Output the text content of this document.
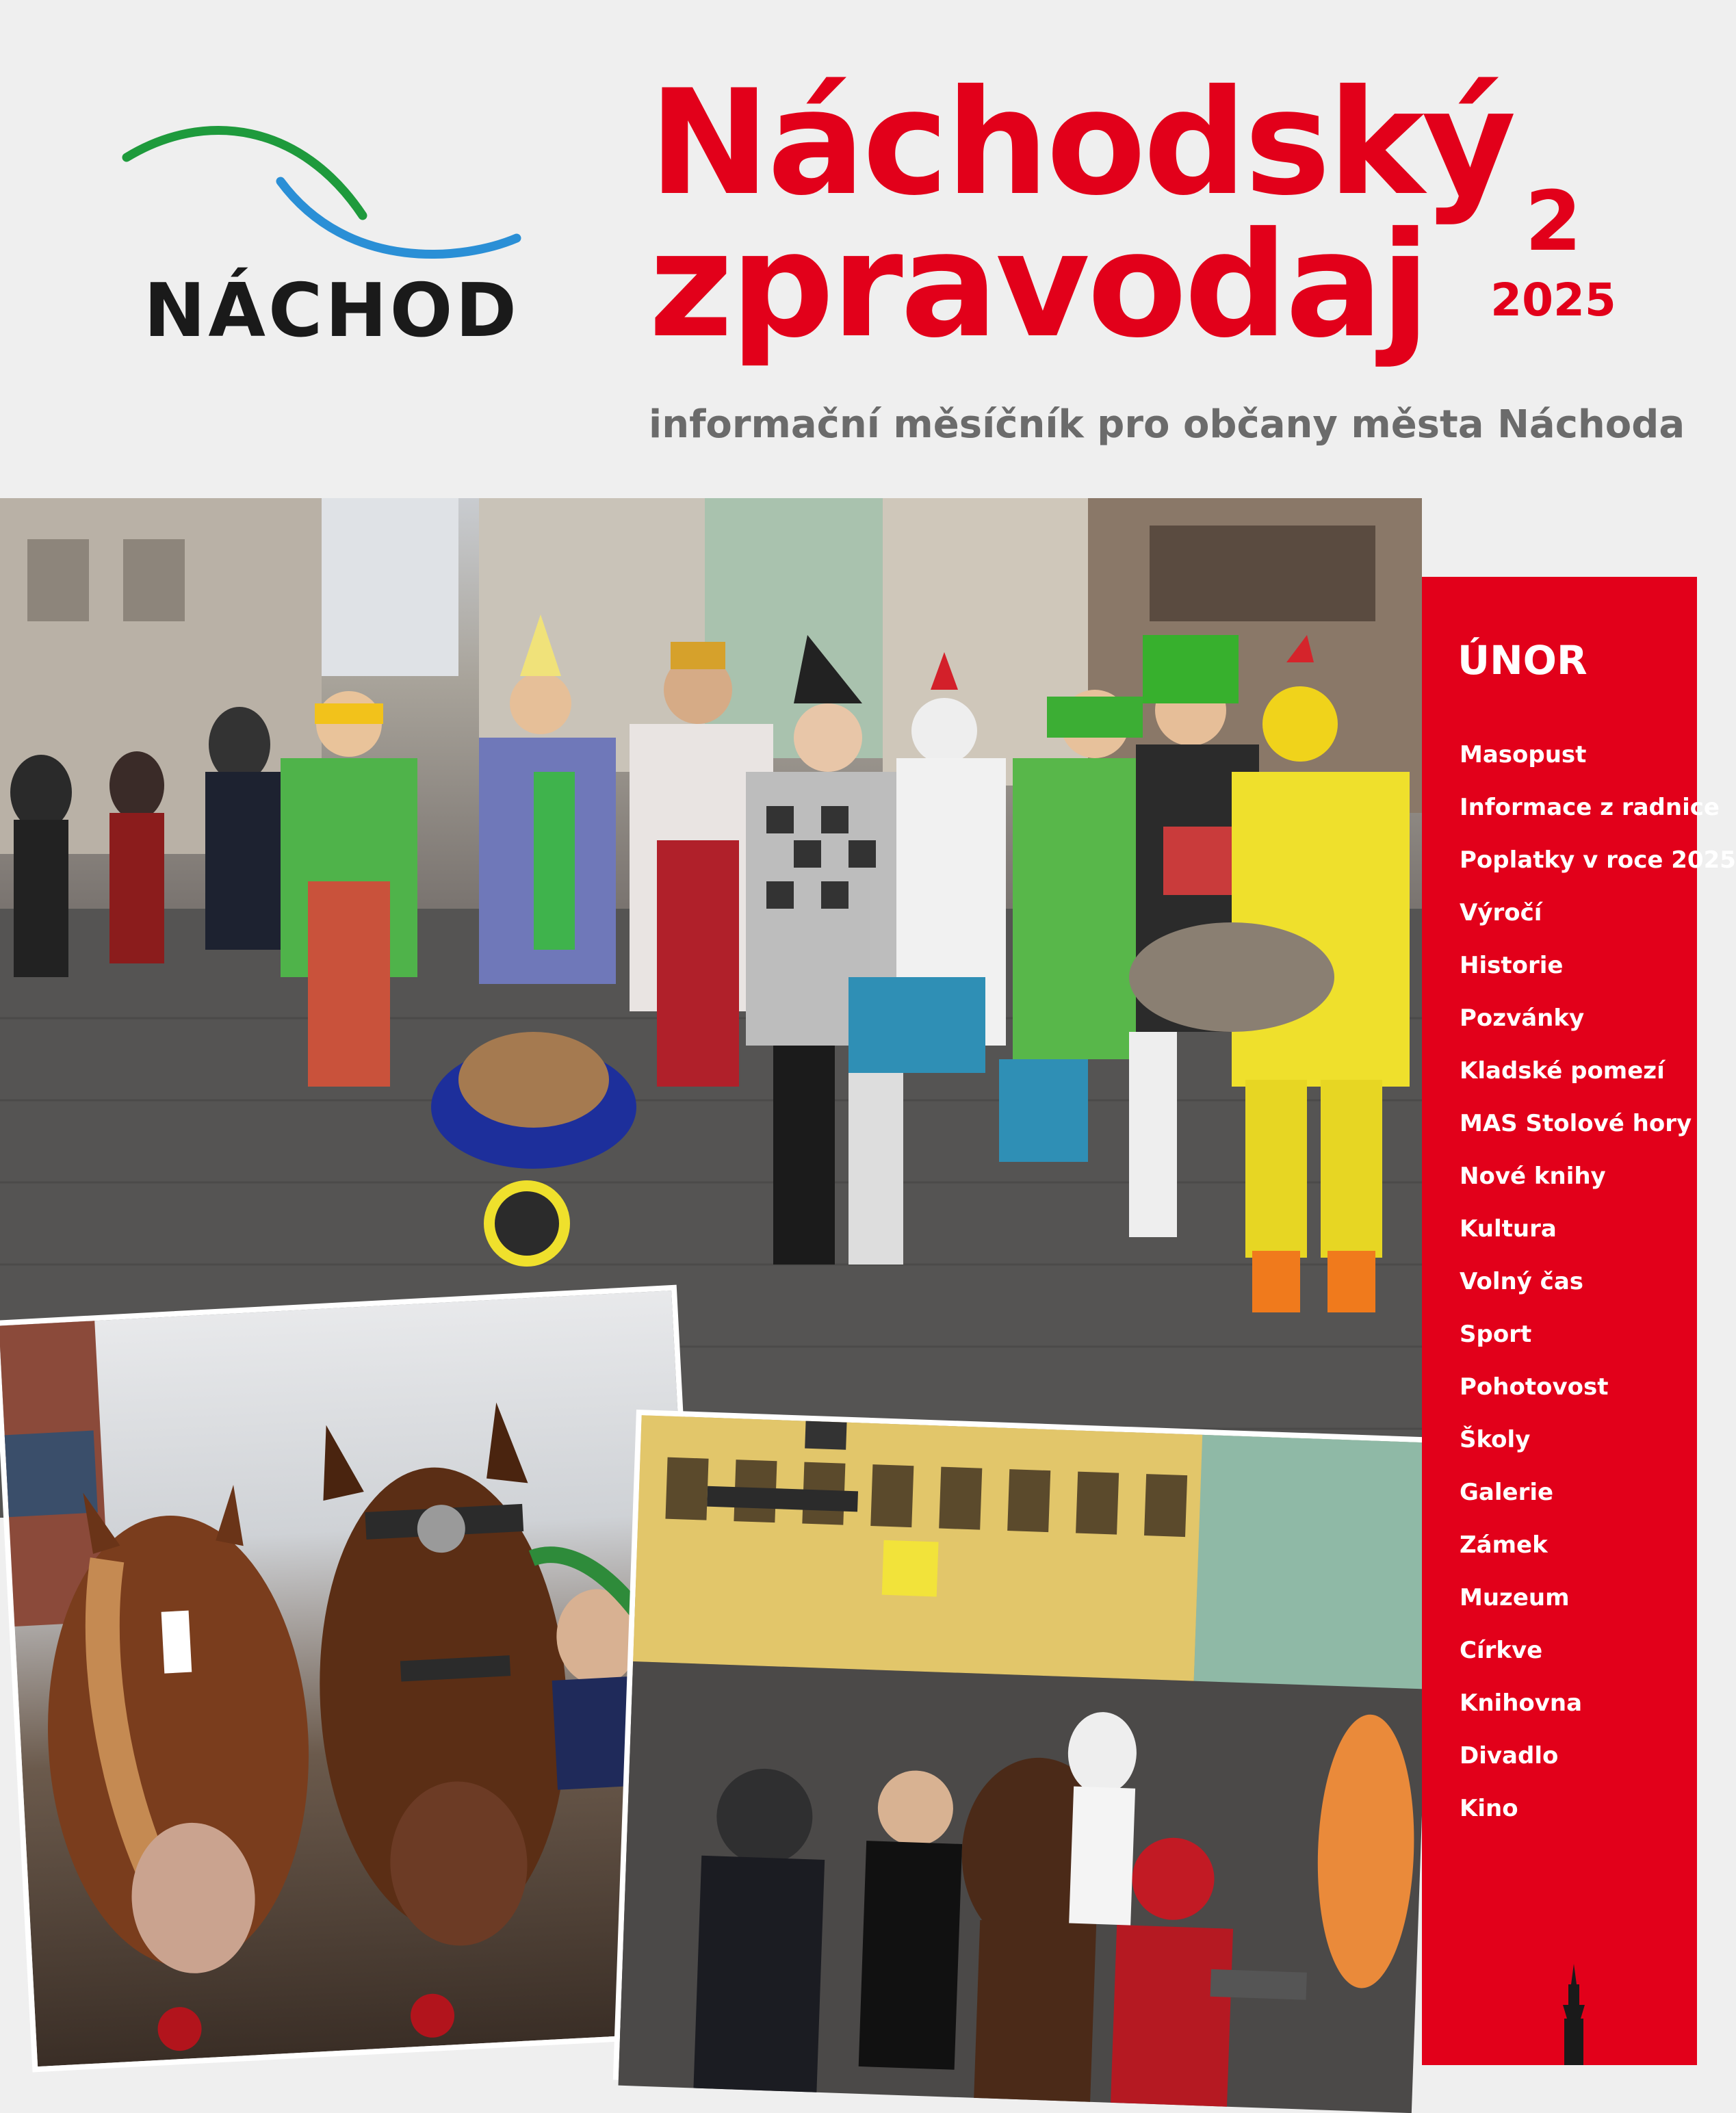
NÁCHOD
Náchodský
zpravodaj	2
2025
informační měsíčník pro občany města Náchoda
ÚNOR
Masopust
Informace z radnice
Poplatky v roce 2025
Výročí
Historie
Pozvánky
Kladské pomezí
MAS Stolové hory
Nové knihy
Kultura
Volný čas
Sport
Pohotovost
Školy
Galerie
Zámek
Muzeum
Církve
Knihovna
Divadlo
Kino
